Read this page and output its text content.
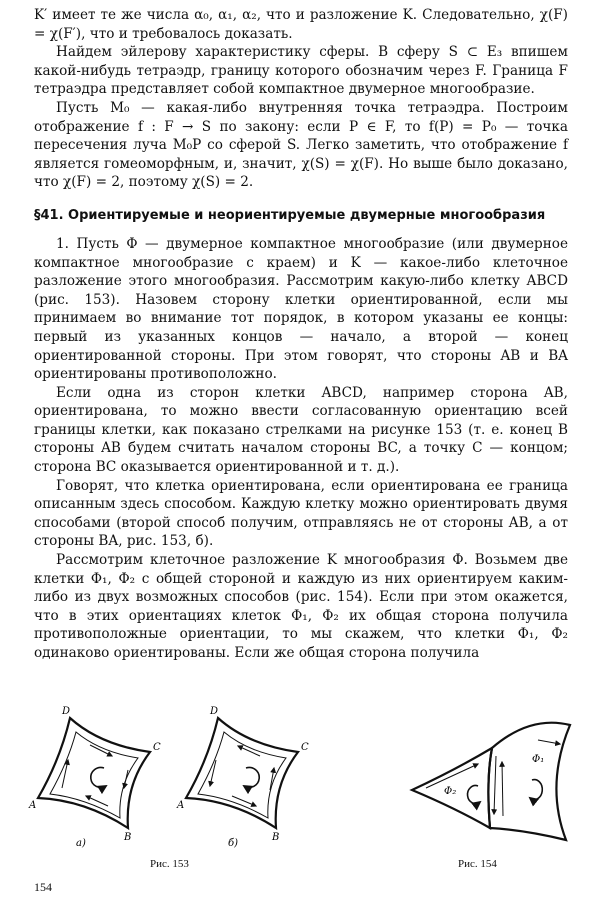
K′ имеет те же числа α₀, α₁, α₂, что и разложение K. Следовательно, χ(F) = χ(F′), что и требовалось доказать.

Найдем эйлерову характеристику сферы. В сферу S ⊂ E₃ впишем какой-нибудь тетраэдр, границу которого обозначим через F. Граница F тетраэдра представляет собой компактное двумерное многообразие.

Пусть M₀ — какая-либо внутренняя точка тетраэдра. Построим отображение f : F → S по закону: если P ∈ F, то f(P) = P₀ — точка пересечения луча M₀P со сферой S. Легко заметить, что отображение f является гомеоморфным, и, значит, χ(S) = χ(F). Но выше было доказано, что χ(F) = 2, поэтому χ(S) = 2.

§41. Ориентируемые и неориентируемые двумерные многообразия

1. Пусть Φ — двумерное компактное многообразие (или двумерное компактное многообразие с краем) и K — какое-либо клеточное разложение этого многообразия. Рассмотрим какую-либо клетку ABCD (рис. 153). Назовем сторону клетки ориентированной, если мы принимаем во внимание тот порядок, в котором указаны ее концы: первый из указанных концов — начало, а второй — конец ориентированной стороны. При этом говорят, что стороны AB и BA ориентированы противоположно.

Если одна из сторон клетки ABCD, например сторона AB, ориентирована, то можно ввести согласованную ориентацию всей границы клетки, как показано стрелками на рисунке 153 (т. е. конец B стороны AB будем считать началом стороны BC, а точку C — концом; сторона BC оказывается ориентированной и т. д.).

Говорят, что клетка ориентирована, если ориентирована ее граница описанным здесь способом. Каждую клетку можно ориентировать двумя способами (второй способ получим, отправляясь не от стороны AB, а от стороны BA, рис. 153, б).

Рассмотрим клеточное разложение K многообразия Φ. Возьмем две клетки Φ₁, Φ₂ с общей стороной и каждую из них ориентируем каким-либо из двух возможных способов (рис. 154). Если при этом окажется, что в этих ориентациях клеток Φ₁, Φ₂ их общая сторона получила противоположные ориентации, то мы скажем, что клетки Φ₁, Φ₂ одинаково ориентированы. Если же общая сторона получила

D
C
A
B
а)
D
C
A
B
б)
Φ₁
Φ₂
Рис. 153	Рис. 154
154
